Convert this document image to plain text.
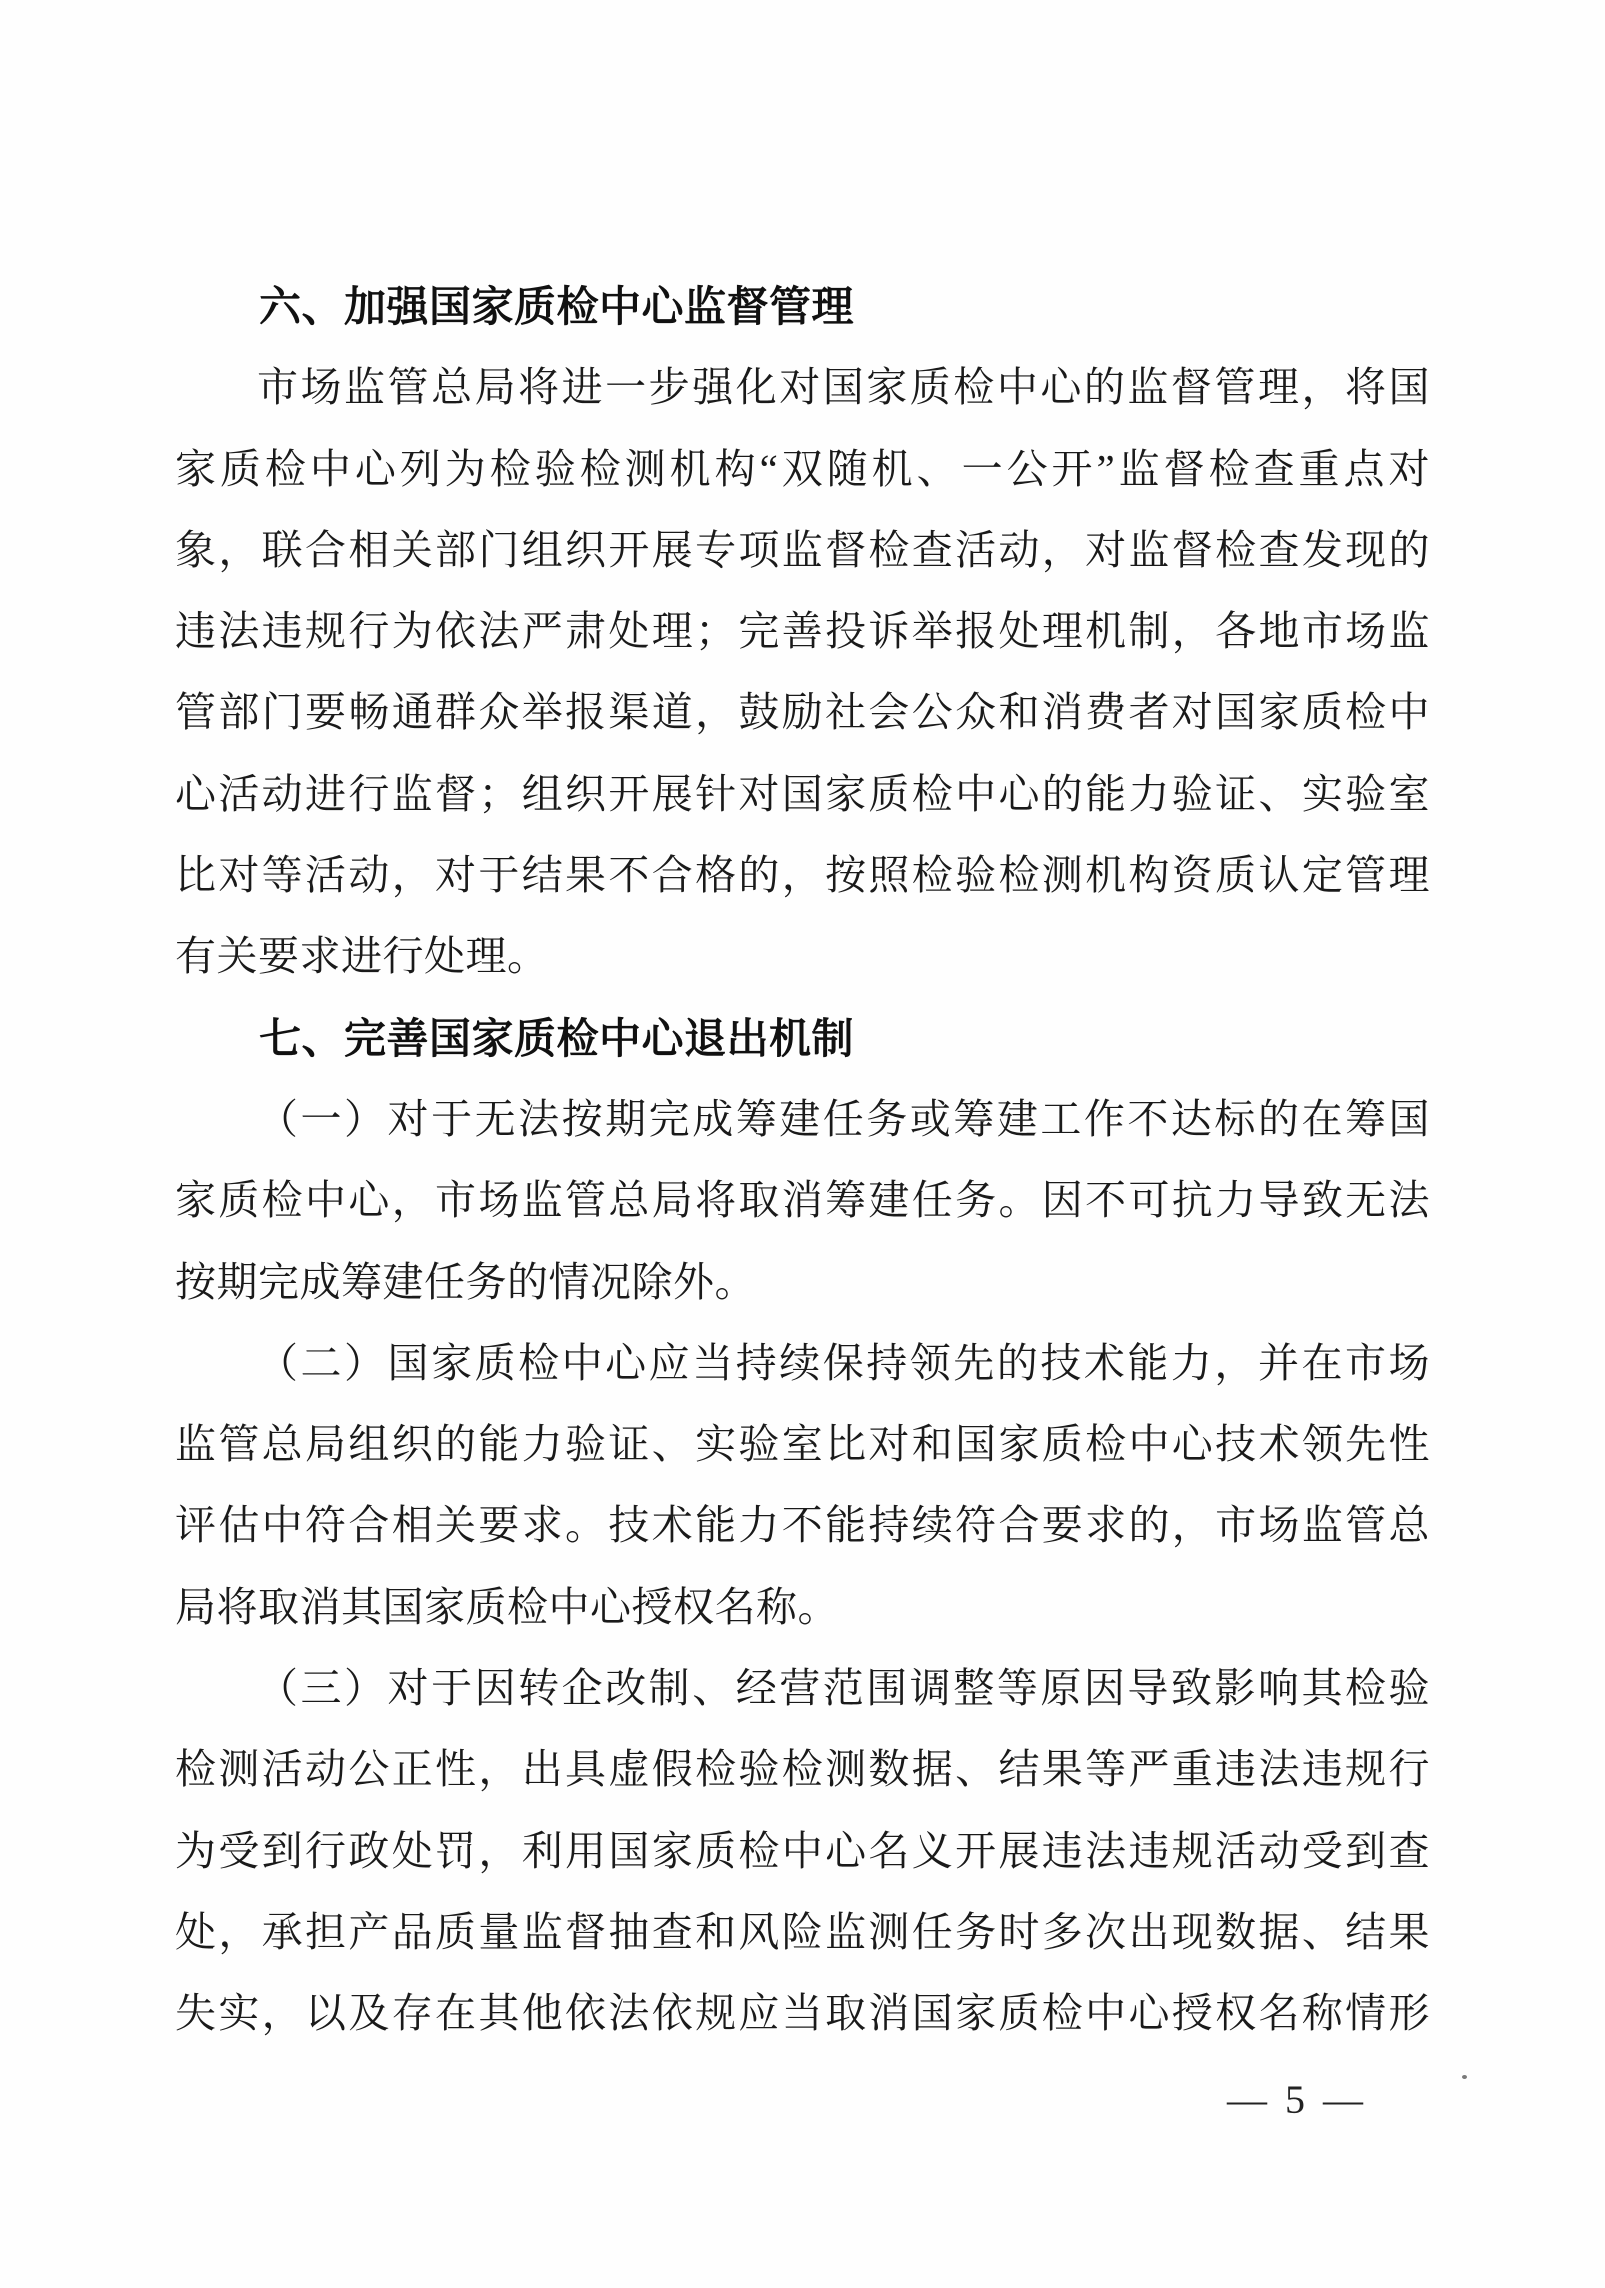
六、加强国家质检中心监督管理
市场监管总局将进一步强化对国家质检中心的监督管理，将国
家质检中心列为检验检测机构“双随机、一公开”监督检查重点对
象，联合相关部门组织开展专项监督检查活动，对监督检查发现的
违法违规行为依法严肃处理；完善投诉举报处理机制，各地市场监
管部门要畅通群众举报渠道，鼓励社会公众和消费者对国家质检中
心活动进行监督；组织开展针对国家质检中心的能力验证、实验室
比对等活动，对于结果不合格的，按照检验检测机构资质认定管理
有关要求进行处理。
七、完善国家质检中心退出机制
（一）对于无法按期完成筹建任务或筹建工作不达标的在筹国
家质检中心，市场监管总局将取消筹建任务。因不可抗力导致无法
按期完成筹建任务的情况除外。
（二）国家质检中心应当持续保持领先的技术能力，并在市场
监管总局组织的能力验证、实验室比对和国家质检中心技术领先性
评估中符合相关要求。技术能力不能持续符合要求的，市场监管总
局将取消其国家质检中心授权名称。
（三）对于因转企改制、经营范围调整等原因导致影响其检验
检测活动公正性，出具虚假检验检测数据、结果等严重违法违规行
为受到行政处罚，利用国家质检中心名义开展违法违规活动受到查
处，承担产品质量监督抽查和风险监测任务时多次出现数据、结果
失实，以及存在其他依法依规应当取消国家质检中心授权名称情形
— 5 —
